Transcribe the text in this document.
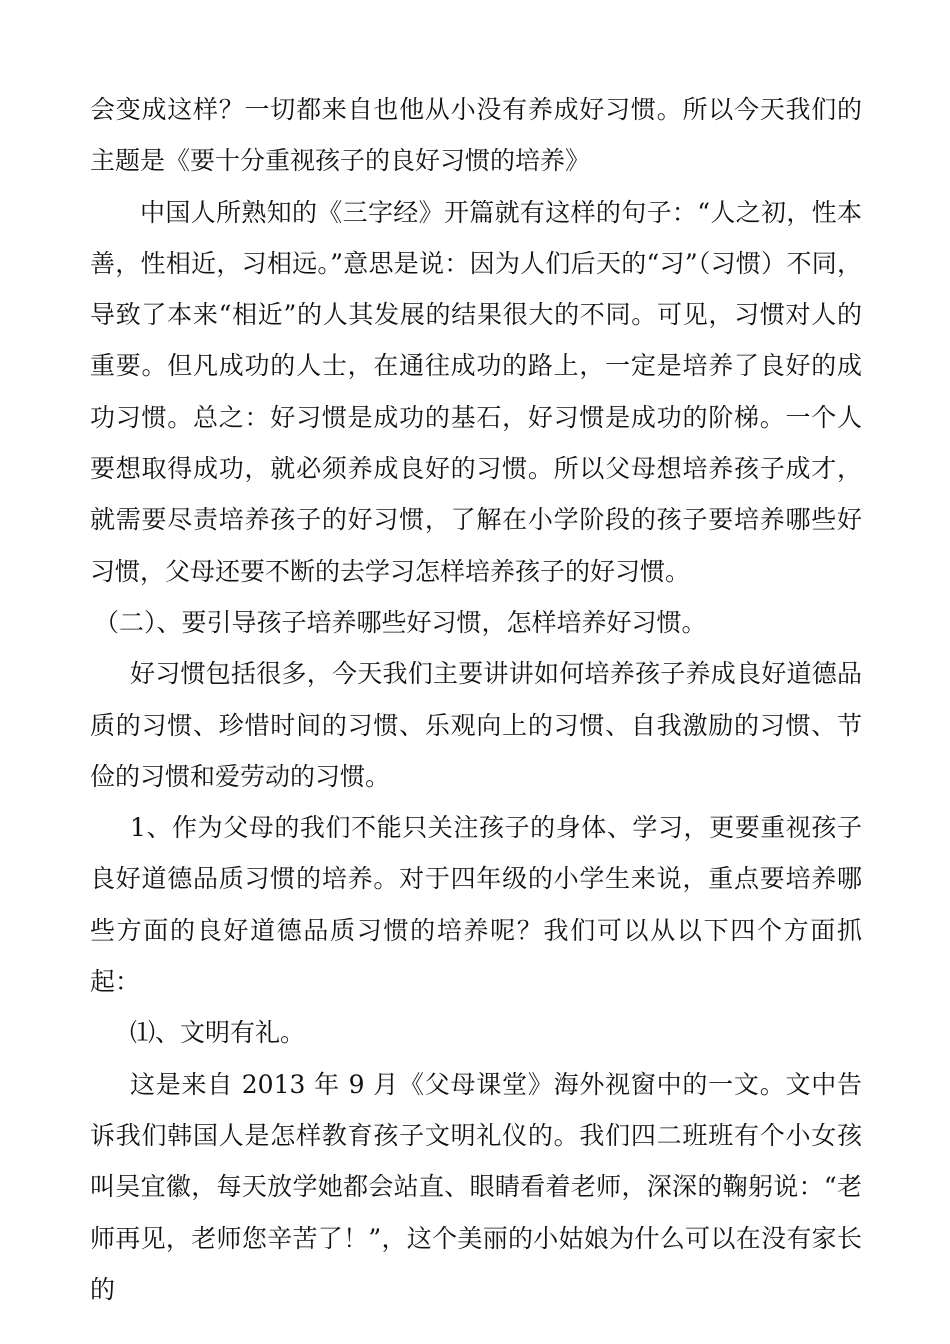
会变成这样？一切都来自也他从小没有养成好习惯。所以今天我们的主题是《要十分重视孩子的良好习惯的培养》

中国人所熟知的《三字经》开篇就有这样的句子：“人之初，性本善，性相近，习相远。”意思是说：因为人们后天的“习”（习惯）不同，导致了本来“相近”的人其发展的结果很大的不同。可见，习惯对人的重要。但凡成功的人士，在通往成功的路上，一定是培养了良好的成功习惯。总之：好习惯是成功的基石，好习惯是成功的阶梯。一个人要想取得成功，就必须养成良好的习惯。所以父母想培养孩子成才，就需要尽责培养孩子的好习惯，了解在小学阶段的孩子要培养哪些好习惯，父母还要不断的去学习怎样培养孩子的好习惯。

（二）、要引导孩子培养哪些好习惯，怎样培养好习惯。

好习惯包括很多，今天我们主要讲讲如何培养孩子养成良好道德品质的习惯、珍惜时间的习惯、乐观向上的习惯、自我激励的习惯、节俭的习惯和爱劳动的习惯。

1、作为父母的我们不能只关注孩子的身体、学习，更要重视孩子良好道德品质习惯的培养。对于四年级的小学生来说，重点要培养哪些方面的良好道德品质习惯的培养呢？我们可以从以下四个方面抓起：

⑴、文明有礼。

这是来自 2013 年 9 月《父母课堂》海外视窗中的一文。文中告诉我们韩国人是怎样教育孩子文明礼仪的。我们四二班班有个小女孩叫吴宜徽，每天放学她都会站直、眼睛看着老师，深深的鞠躬说：“老师再见，老师您辛苦了！”，这个美丽的小姑娘为什么可以在没有家长的
